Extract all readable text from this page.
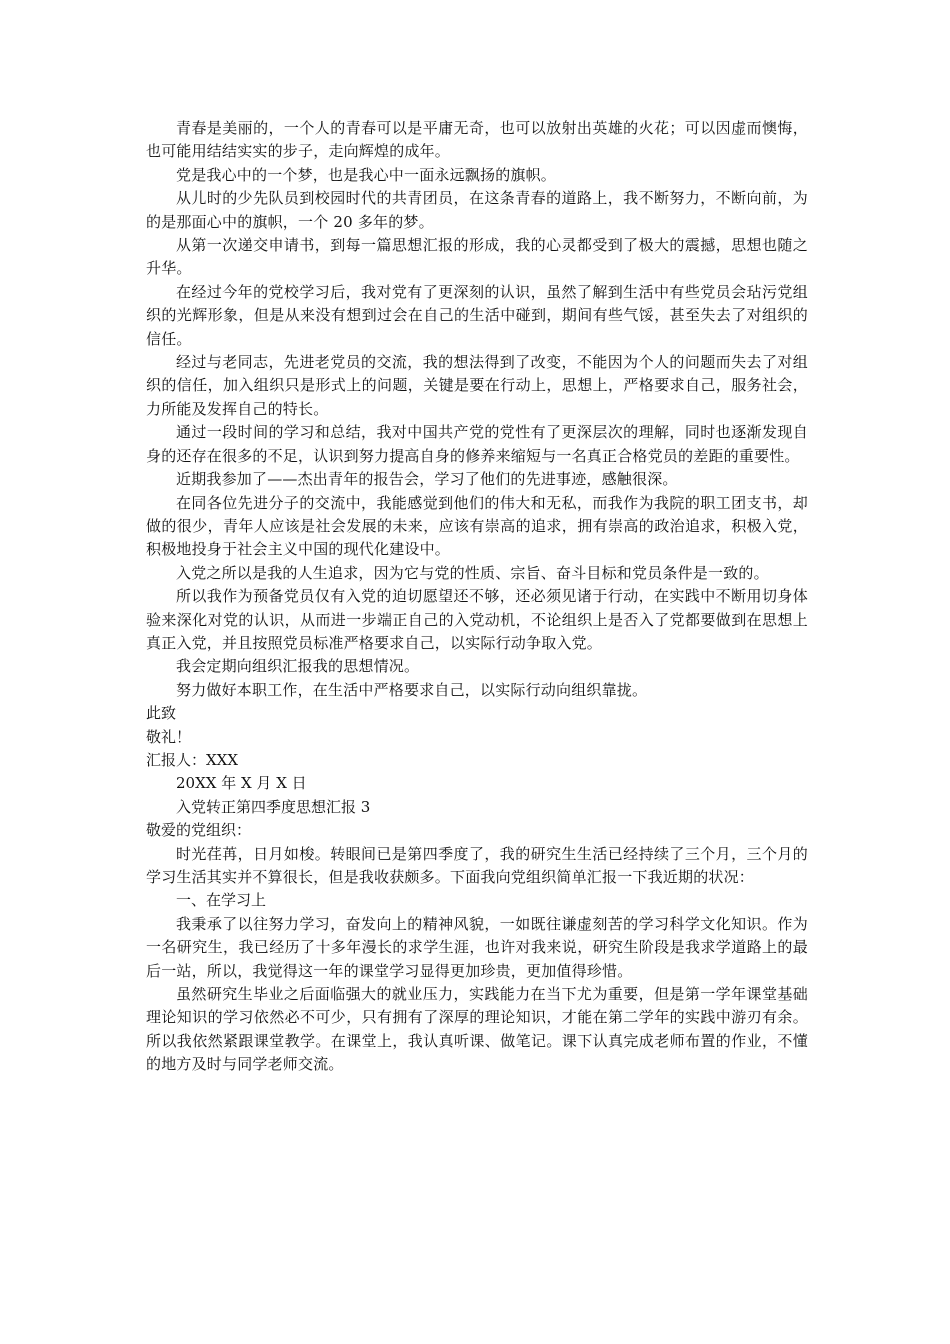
青春是美丽的，一个人的青春可以是平庸无奇，也可以放射出英雄的火花；可以因虚而懊悔，也可能用结结实实的步子，走向辉煌的成年。

党是我心中的一个梦，也是我心中一面永远飘扬的旗帜。

从儿时的少先队员到校园时代的共青团员，在这条青春的道路上，我不断努力，不断向前，为的是那面心中的旗帜，一个 20 多年的梦。

从第一次递交申请书，到每一篇思想汇报的形成，我的心灵都受到了极大的震撼，思想也随之升华。

在经过今年的党校学习后，我对党有了更深刻的认识，虽然了解到生活中有些党员会玷污党组织的光辉形象，但是从来没有想到过会在自己的生活中碰到，期间有些气馁，甚至失去了对组织的信任。

经过与老同志，先进老党员的交流，我的想法得到了改变，不能因为个人的问题而失去了对组织的信任，加入组织只是形式上的问题，关键是要在行动上，思想上，严格要求自己，服务社会，力所能及发挥自己的特长。

通过一段时间的学习和总结，我对中国共产党的党性有了更深层次的理解，同时也逐渐发现自身的还存在很多的不足，认识到努力提高自身的修养来缩短与一名真正合格党员的差距的重要性。

近期我参加了——杰出青年的报告会，学习了他们的先进事迹，感触很深。

在同各位先进分子的交流中，我能感觉到他们的伟大和无私，而我作为我院的职工团支书，却做的很少，青年人应该是社会发展的未来，应该有崇高的追求，拥有崇高的政治追求，积极入党，积极地投身于社会主义中国的现代化建设中。

入党之所以是我的人生追求，因为它与党的性质、宗旨、奋斗目标和党员条件是一致的。

所以我作为预备党员仅有入党的迫切愿望还不够，还必须见诸于行动，在实践中不断用切身体验来深化对党的认识，从而进一步端正自己的入党动机，不论组织上是否入了党都要做到在思想上真正入党，并且按照党员标准严格要求自己，以实际行动争取入党。

我会定期向组织汇报我的思想情况。

努力做好本职工作，在生活中严格要求自己，以实际行动向组织靠拢。

此致

敬礼！

汇报人：XXX

20XX 年 X 月 X 日

入党转正第四季度思想汇报 3

敬爱的党组织：

时光荏苒，日月如梭。转眼间已是第四季度了，我的研究生生活已经持续了三个月，三个月的学习生活其实并不算很长，但是我收获颇多。下面我向党组织简单汇报一下我近期的状况：

一、在学习上

我秉承了以往努力学习，奋发向上的精神风貌，一如既往谦虚刻苦的学习科学文化知识。作为一名研究生，我已经历了十多年漫长的求学生涯，也许对我来说，研究生阶段是我求学道路上的最后一站，所以，我觉得这一年的课堂学习显得更加珍贵，更加值得珍惜。

虽然研究生毕业之后面临强大的就业压力，实践能力在当下尤为重要，但是第一学年课堂基础理论知识的学习依然必不可少，只有拥有了深厚的理论知识，才能在第二学年的实践中游刃有余。所以我依然紧跟课堂教学。在课堂上，我认真听课、做笔记。课下认真完成老师布置的作业，不懂的地方及时与同学老师交流。
